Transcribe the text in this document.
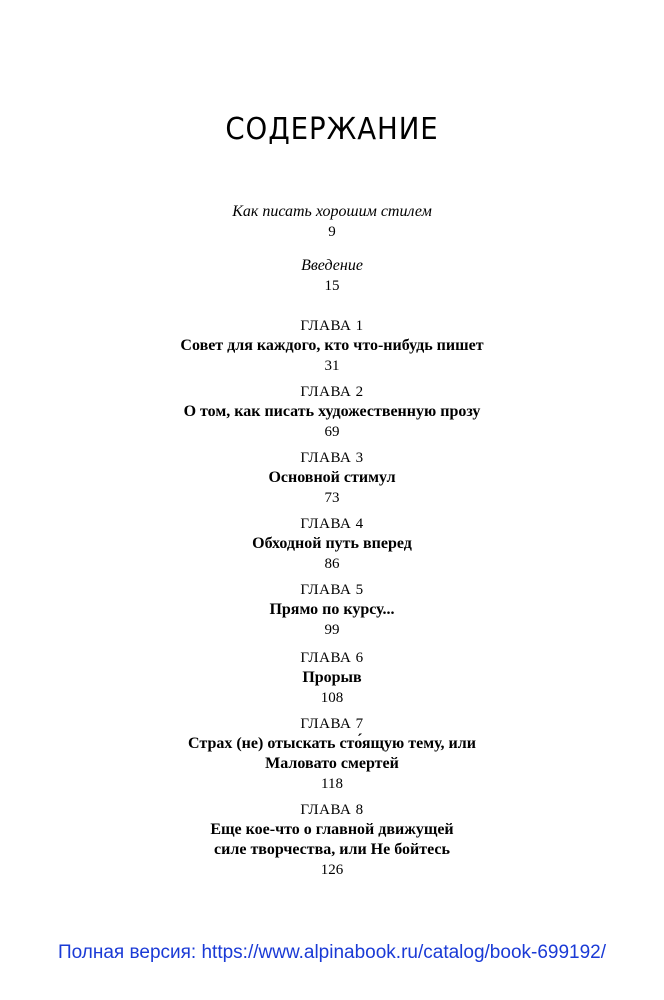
СОДЕРЖАНИЕ
Как писать хорошим стилем
9
Введение
15
ГЛАВА 1
Совет для каждого, кто что-нибудь пишет
31
ГЛАВА 2
О том, как писать художественную прозу
69
ГЛАВА 3
Основной стимул
73
ГЛАВА 4
Обходной путь вперед
86
ГЛАВА 5
Прямо по курсу...
99
ГЛАВА 6
Прорыв
108
ГЛАВА 7
Страх (не) отыскать сто́ящую тему, или
Маловато смертей
118
ГЛАВА 8
Еще кое-что о главной движущей
силе творчества, или Не бойтесь
126
Полная версия: https://www.alpinabook.ru/catalog/book-699192/
